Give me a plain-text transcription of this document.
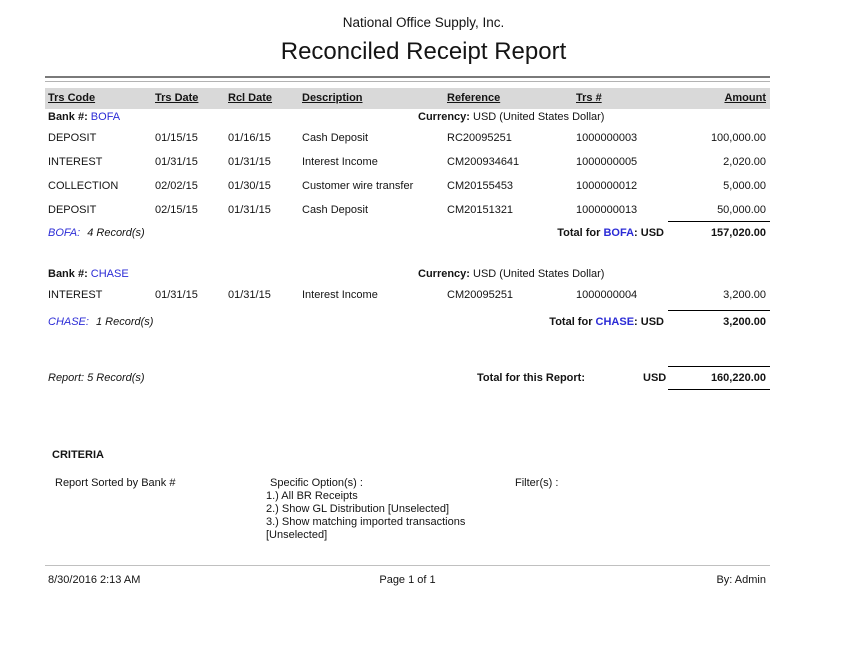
National Office Supply, Inc.
Reconciled Receipt Report
Trs Code	Trs Date	Rcl Date	Description	Reference	Trs #	Amount
Bank #: BOFA	Currency: USD (United States Dollar)
DEPOSIT	01/15/15	01/16/15	Cash Deposit	RC20095251	1000000003	100,000.00
INTEREST	01/31/15	01/31/15	Interest Income	CM200934641	1000000005	2,020.00
COLLECTION	02/02/15	01/30/15	Customer wire transfer	CM20155453	1000000012	5,000.00
DEPOSIT	02/15/15	01/31/15	Cash Deposit	CM20151321	1000000013	50,000.00
BOFA: 4 Record(s)	Total for BOFA: USD	157,020.00
Bank #: CHASE	Currency: USD (United States Dollar)
INTEREST	01/31/15	01/31/15	Interest Income	CM20095251	1000000004	3,200.00
CHASE: 1 Record(s)	Total for CHASE: USD	3,200.00
Report: 5 Record(s)	Total for this Report:	USD	160,220.00
CRITERIA
Report Sorted by Bank #	Specific Option(s) :
1.) All BR Receipts
2.) Show GL Distribution [Unselected]
3.) Show matching imported transactions
[Unselected]
Filter(s) :
8/30/2016 2:13 AM	Page 1 of 1	By: Admin
